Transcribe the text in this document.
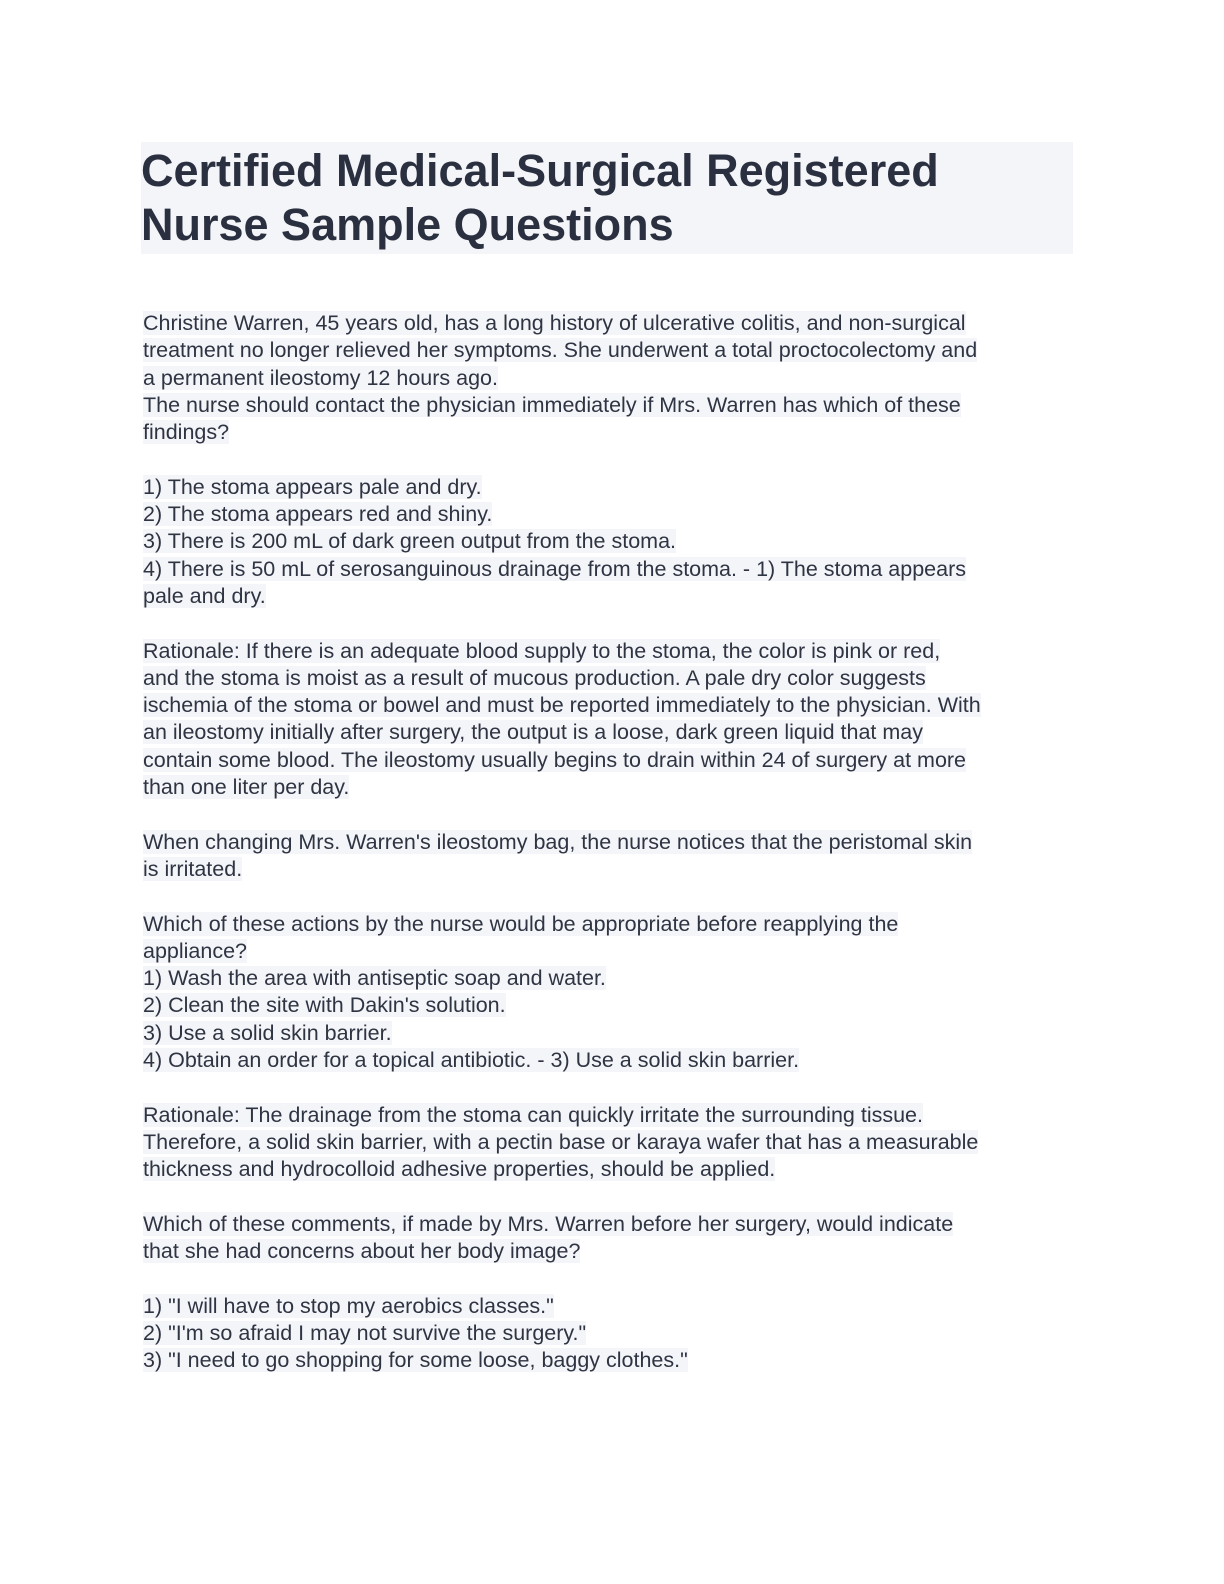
Certified Medical-Surgical Registered
Nurse Sample Questions
Christine Warren, 45 years old, has a long history of ulcerative colitis, and non-surgical
treatment no longer relieved her symptoms. She underwent a total proctocolectomy and
a permanent ileostomy 12 hours ago.
The nurse should contact the physician immediately if Mrs. Warren has which of these
findings?
1) The stoma appears pale and dry.
2) The stoma appears red and shiny.
3) There is 200 mL of dark green output from the stoma.
4) There is 50 mL of serosanguinous drainage from the stoma. - 1) The stoma appears
pale and dry.
Rationale: If there is an adequate blood supply to the stoma, the color is pink or red,
and the stoma is moist as a result of mucous production. A pale dry color suggests
ischemia of the stoma or bowel and must be reported immediately to the physician. With
an ileostomy initially after surgery, the output is a loose, dark green liquid that may
contain some blood. The ileostomy usually begins to drain within 24 of surgery at more
than one liter per day.
When changing Mrs. Warren's ileostomy bag, the nurse notices that the peristomal skin
is irritated.
Which of these actions by the nurse would be appropriate before reapplying the
appliance?
1) Wash the area with antiseptic soap and water.
2) Clean the site with Dakin's solution.
3) Use a solid skin barrier.
4) Obtain an order for a topical antibiotic. - 3) Use a solid skin barrier.
Rationale: The drainage from the stoma can quickly irritate the surrounding tissue.
Therefore, a solid skin barrier, with a pectin base or karaya wafer that has a measurable
thickness and hydrocolloid adhesive properties, should be applied.
Which of these comments, if made by Mrs. Warren before her surgery, would indicate
that she had concerns about her body image?
1) "I will have to stop my aerobics classes."
2) "I'm so afraid I may not survive the surgery."
3) "I need to go shopping for some loose, baggy clothes."
